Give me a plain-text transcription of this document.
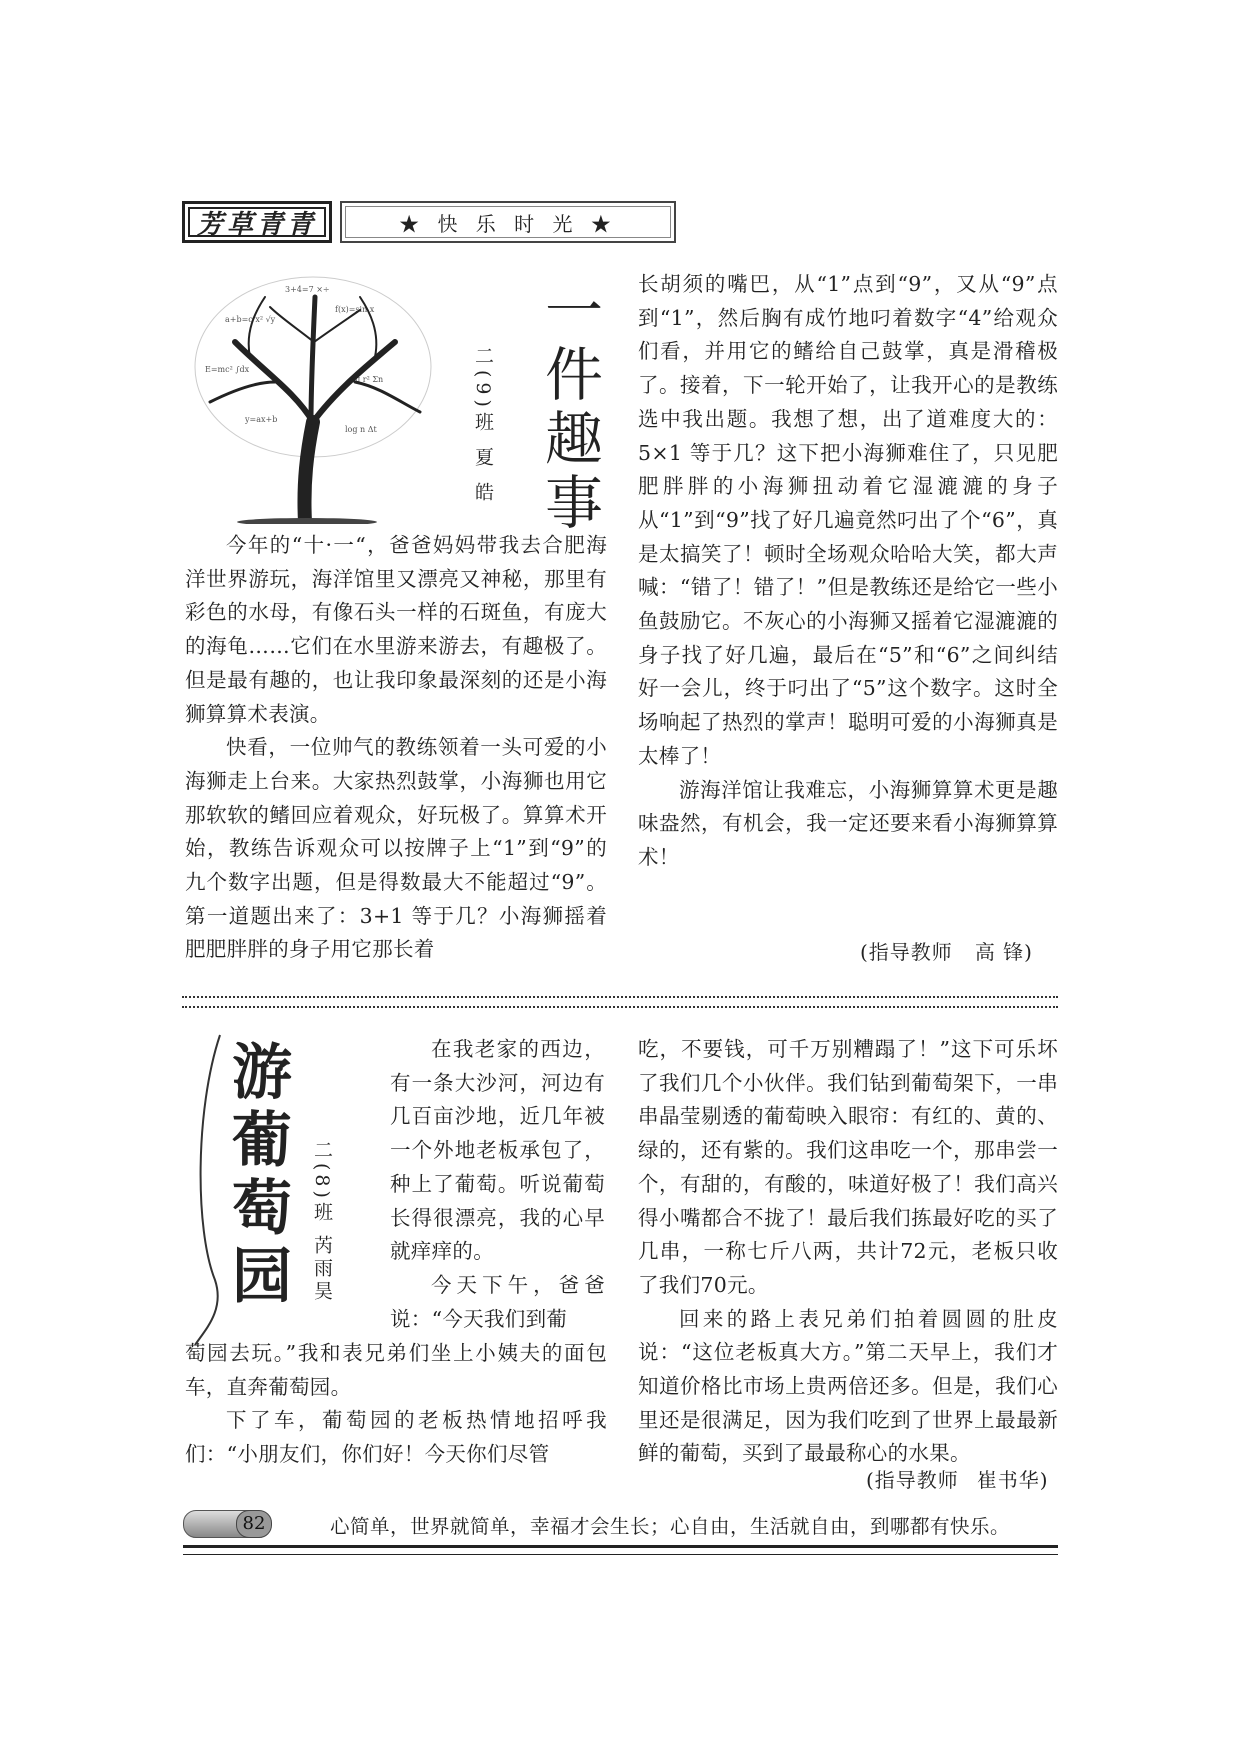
芳草青青	★ 快 乐 时 光 ★
a+b=c x² √y
f(x)=sin x
E=mc² ∫dx
π r² Σn
y=ax+b
log n Δt
3+4=7 ×÷	一件趣事
二(9)班 夏 皓

今年的“十·一“，爸爸妈妈带我去合肥海洋世界游玩，海洋馆里又漂亮又神秘，那里有彩色的水母，有像石头一样的石斑鱼，有庞大的海龟……它们在水里游来游去，有趣极了。但是最有趣的，也让我印象最深刻的还是小海狮算算术表演。

快看，一位帅气的教练领着一头可爱的小海狮走上台来。大家热烈鼓掌，小海狮也用它那软软的鳍回应着观众，好玩极了。算算术开始，教练告诉观众可以按牌子上“1”到“9”的九个数字出题，但是得数最大不能超过“9”。第一道题出来了：3+1 等于几？小海狮摇着肥肥胖胖的身子用它那长着

长胡须的嘴巴，从“1”点到“9”，又从“9”点到“1”，然后胸有成竹地叼着数字“4”给观众们看，并用它的鳍给自己鼓掌，真是滑稽极了。接着，下一轮开始了，让我开心的是教练选中我出题。我想了想，出了道难度大的：5×1 等于几？这下把小海狮难住了，只见肥肥胖胖的小海狮扭动着它湿漉漉的身子从“1”到“9”找了好几遍竟然叼出了个“6”，真是太搞笑了！顿时全场观众哈哈大笑，都大声喊：“错了！错了！”但是教练还是给它一些小鱼鼓励它。不灰心的小海狮又摇着它湿漉漉的身子找了好几遍，最后在“5”和“6”之间纠结好一会儿，终于叼出了“5”这个数字。这时全场响起了热烈的掌声！聪明可爱的小海狮真是太棒了！

游海洋馆让我难忘，小海狮算算术更是趣味盎然，有机会，我一定还要来看小海狮算算术！

(指导教师 高 锋)
游葡萄园 二(8)班 芮雨昊

在我老家的西边，有一条大沙河，河边有几百亩沙地，近几年被一个外地老板承包了，种上了葡萄。听说葡萄长得很漂亮，我的心早就痒痒的。

今天下午，爸爸说：“今天我们到葡

萄园去玩。”我和表兄弟们坐上小姨夫的面包车，直奔葡萄园。

下了车，葡萄园的老板热情地招呼我们：“小朋友们，你们好！今天你们尽管

吃，不要钱，可千万别糟蹋了！”这下可乐坏了我们几个小伙伴。我们钻到葡萄架下，一串串晶莹剔透的葡萄映入眼帘：有红的、黄的、绿的，还有紫的。我们这串吃一个，那串尝一个，有甜的，有酸的，味道好极了！我们高兴得小嘴都合不拢了！最后我们拣最好吃的买了几串，一称七斤八两，共计72元，老板只收了我们70元。

回来的路上表兄弟们拍着圆圆的肚皮说：“这位老板真大方。”第二天早上，我们才知道价格比市场上贵两倍还多。但是，我们心里还是很满足，因为我们吃到了世界上最最新鲜的葡萄，买到了最最称心的水果。

(指导教师 崔书华)
82	心简单，世界就简单，幸福才会生长；心自由，生活就自由，到哪都有快乐。
